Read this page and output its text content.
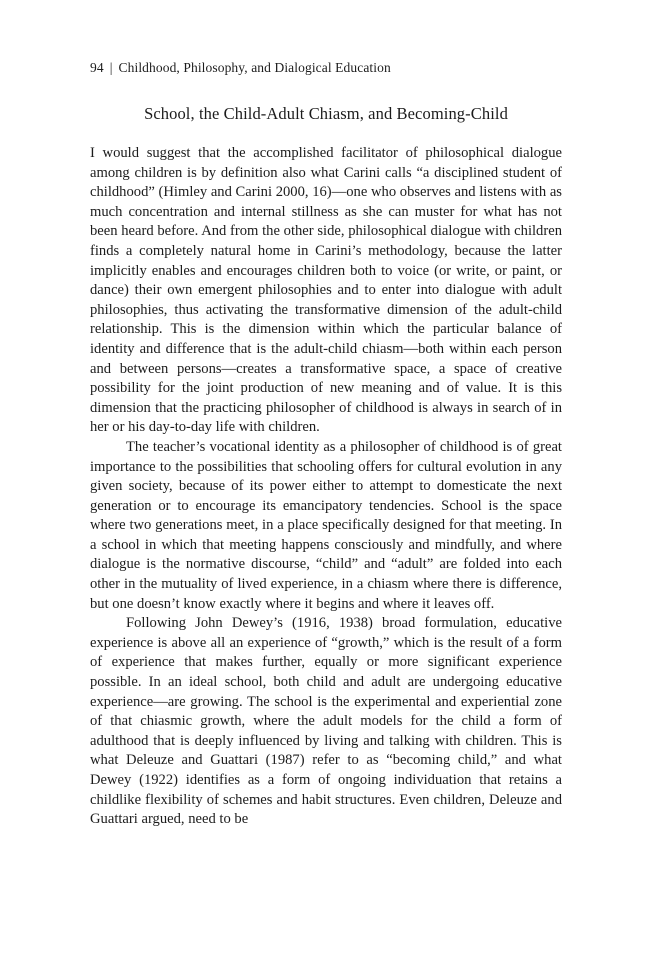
94 | Childhood, Philosophy, and Dialogical Education
School, the Child-Adult Chiasm, and Becoming-Child

I would suggest that the accomplished facilitator of philosophical dialogue among children is by definition also what Carini calls “a disciplined student of childhood” (Himley and Carini 2000, 16)—one who observes and listens with as much concentration and internal stillness as she can muster for what has not been heard before. And from the other side, philosophical dialogue with children finds a completely natural home in Carini’s methodology, because the latter implicitly enables and encourages children both to voice (or write, or paint, or dance) their own emergent philosophies and to enter into dialogue with adult philosophies, thus activating the transformative dimension of the adult-child relationship. This is the dimension within which the particular balance of identity and difference that is the adult-child chiasm—both within each person and between persons—creates a transformative space, a space of creative possibility for the joint production of new meaning and of value. It is this dimension that the practicing philosopher of childhood is always in search of in her or his day-to-day life with children.

The teacher’s vocational identity as a philosopher of childhood is of great importance to the possibilities that schooling offers for cultural evolution in any given society, because of its power either to attempt to domesticate the next generation or to encourage its emancipatory tendencies. School is the space where two generations meet, in a place specifically designed for that meeting. In a school in which that meeting happens consciously and mindfully, and where dialogue is the normative discourse, “child” and “adult” are folded into each other in the mutuality of lived experience, in a chiasm where there is difference, but one doesn’t know exactly where it begins and where it leaves off.

Following John Dewey’s (1916, 1938) broad formulation, educative experience is above all an experience of “growth,” which is the result of a form of experience that makes further, equally or more significant experience possible. In an ideal school, both child and adult are undergoing educative experience—are growing. The school is the experimental and experiential zone of that chiasmic growth, where the adult models for the child a form of adulthood that is deeply influenced by living and talking with children. This is what Deleuze and Guattari (1987) refer to as “becoming child,” and what Dewey (1922) identifies as a form of ongoing individuation that retains a childlike flexibility of schemes and habit structures. Even children, Deleuze and Guattari argued, need to be
